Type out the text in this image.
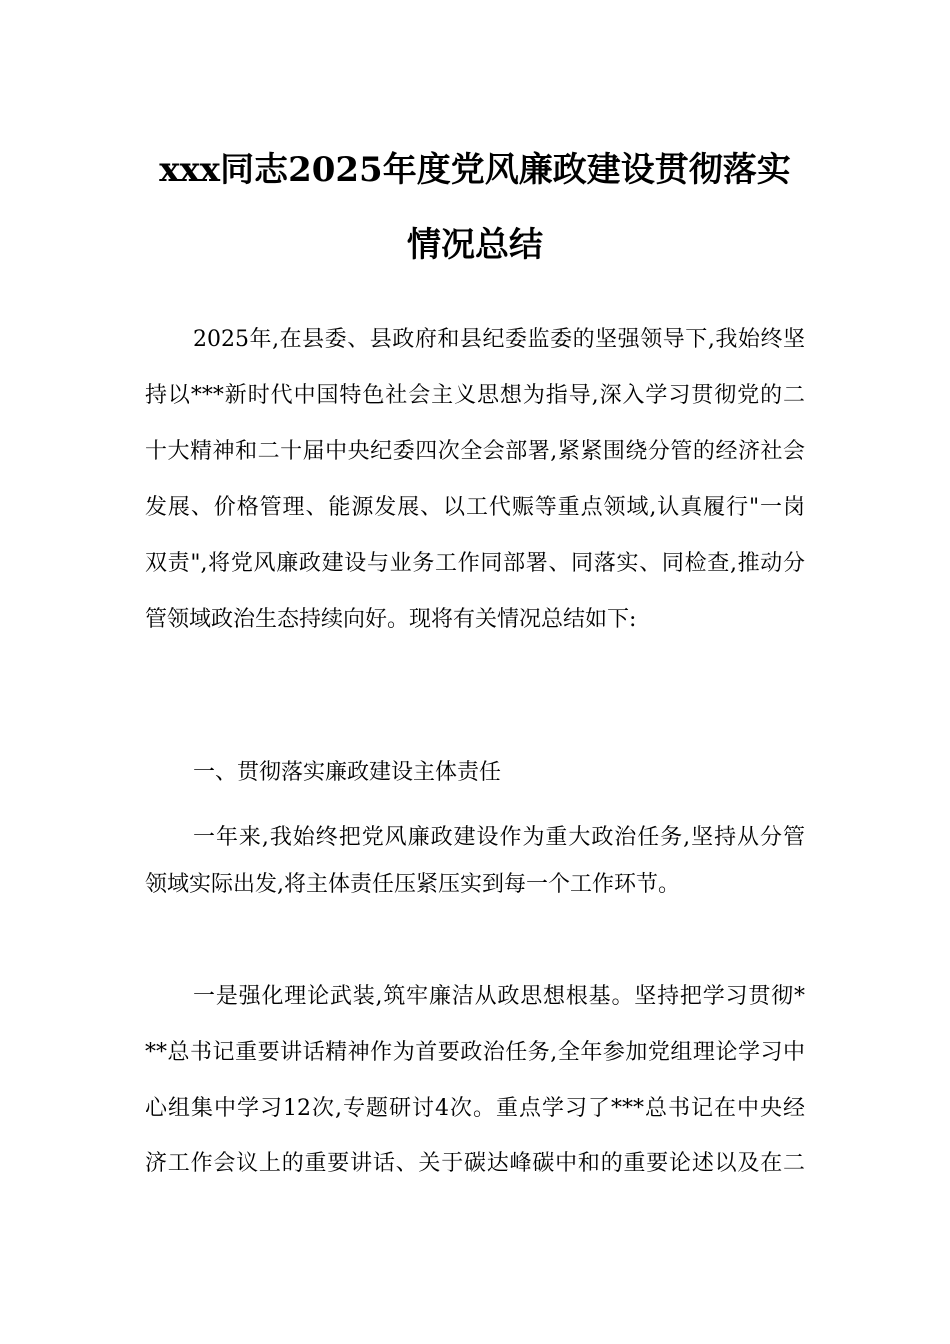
xxx同志2025年度党风廉政建设贯彻落实
情况总结
2025年,在县委、县政府和县纪委监委的坚强领导下,我始终坚
持以***新时代中国特色社会主义思想为指导,深入学习贯彻党的二
十大精神和二十届中央纪委四次全会部署,紧紧围绕分管的经济社会
发展、价格管理、能源发展、以工代赈等重点领域,认真履行"一岗
双责",将党风廉政建设与业务工作同部署、同落实、同检查,推动分
管领域政治生态持续向好。现将有关情况总结如下:
一、贯彻落实廉政建设主体责任
一年来,我始终把党风廉政建设作为重大政治任务,坚持从分管
领域实际出发,将主体责任压紧压实到每一个工作环节。
一是强化理论武装,筑牢廉洁从政思想根基。坚持把学习贯彻*
**总书记重要讲话精神作为首要政治任务,全年参加党组理论学习中
心组集中学习12次,专题研讨4次。重点学习了***总书记在中央经
济工作会议上的重要讲话、关于碳达峰碳中和的重要论述以及在二
